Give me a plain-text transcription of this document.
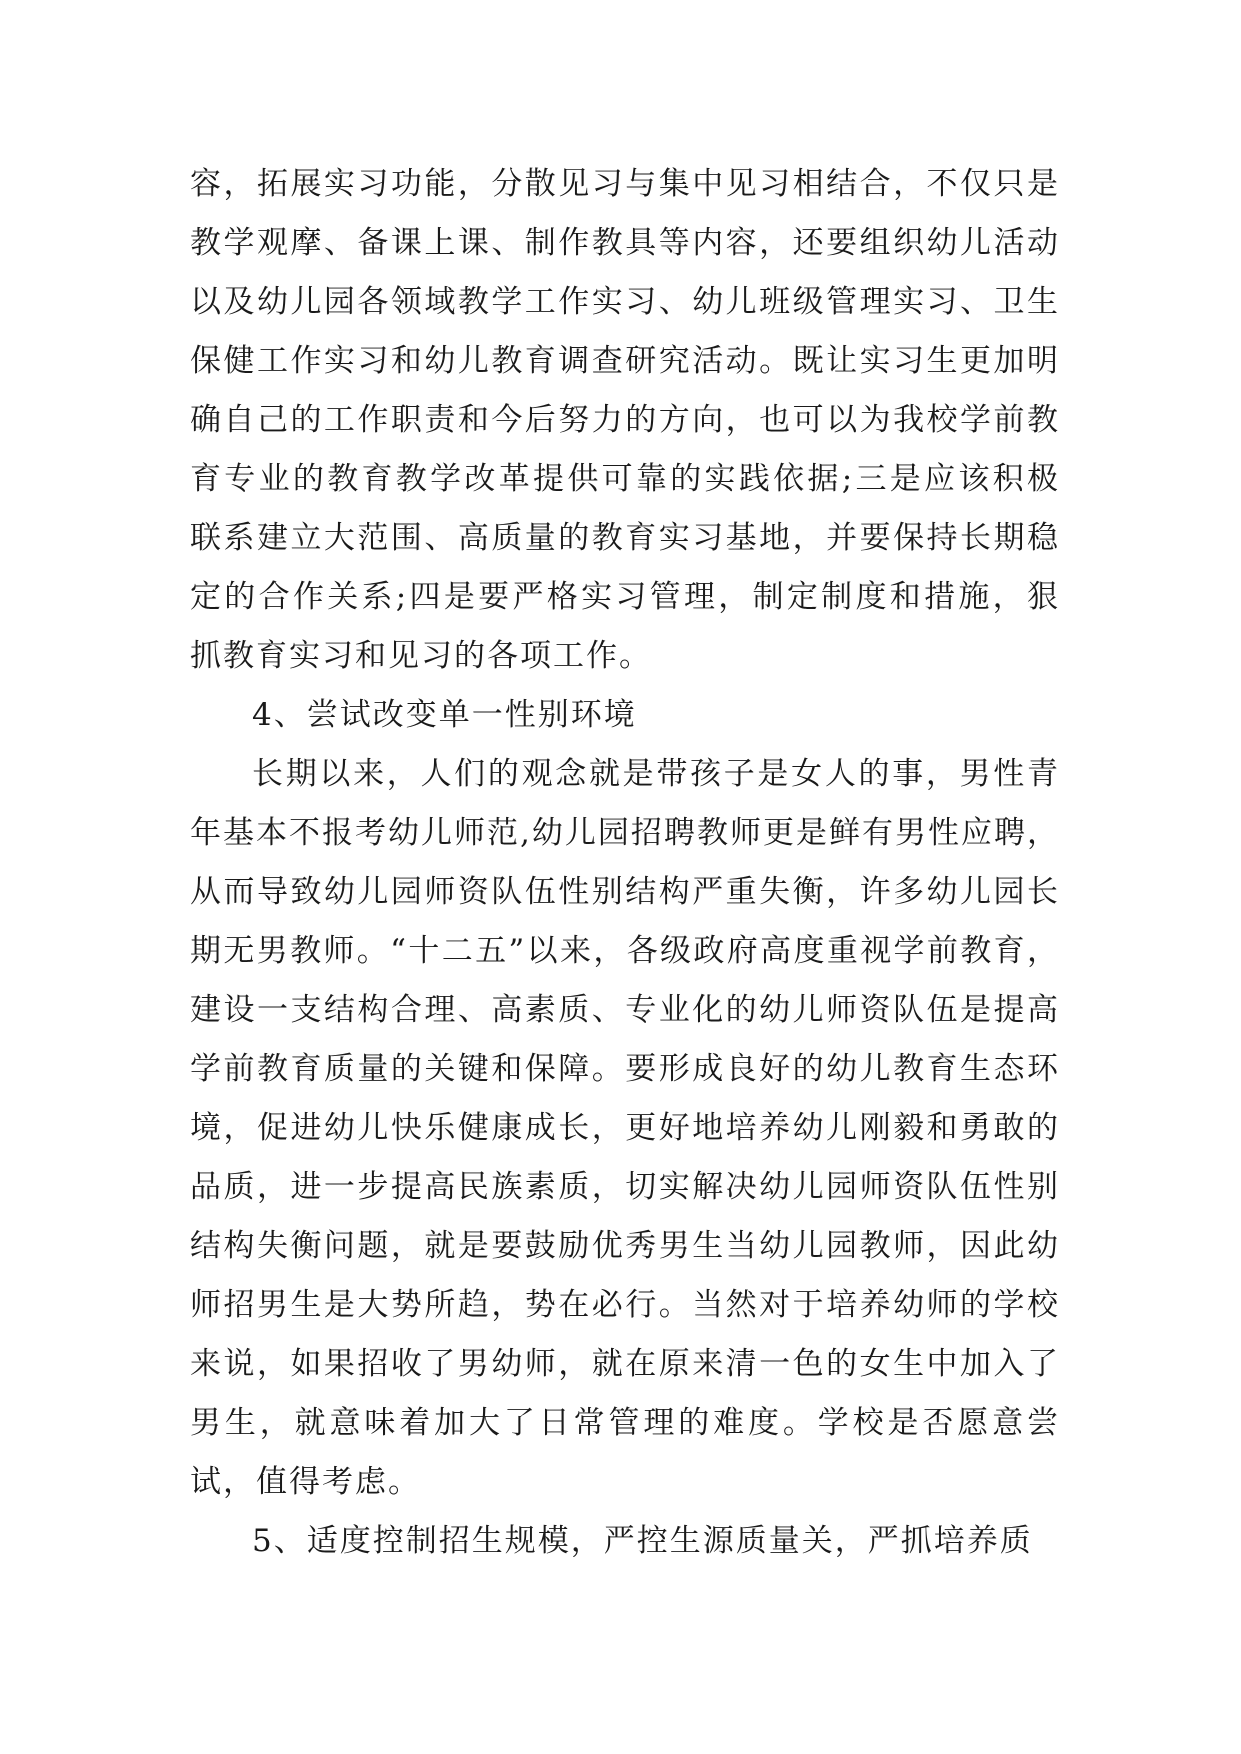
容，拓展实习功能，分散见习与集中见习相结合，不仅只是教学观摩、备课上课、制作教具等内容，还要组织幼儿活动以及幼儿园各领域教学工作实习、幼儿班级管理实习、卫生保健工作实习和幼儿教育调查研究活动。既让实习生更加明确自己的工作职责和今后努力的方向，也可以为我校学前教育专业的教育教学改革提供可靠的实践依据;三是应该积极联系建立大范围、高质量的教育实习基地，并要保持长期稳定的合作关系;四是要严格实习管理，制定制度和措施，狠抓教育实习和见习的各项工作。

4、尝试改变单一性别环境

长期以来，人们的观念就是带孩子是女人的事，男性青年基本不报考幼儿师范,幼儿园招聘教师更是鲜有男性应聘，从而导致幼儿园师资队伍性别结构严重失衡，许多幼儿园长期无男教师。“十二五”以来，各级政府高度重视学前教育，建设一支结构合理、高素质、专业化的幼儿师资队伍是提高学前教育质量的关键和保障。要形成良好的幼儿教育生态环境，促进幼儿快乐健康成长，更好地培养幼儿刚毅和勇敢的品质，进一步提高民族素质，切实解决幼儿园师资队伍性别结构失衡问题，就是要鼓励优秀男生当幼儿园教师，因此幼师招男生是大势所趋，势在必行。当然对于培养幼师的学校来说，如果招收了男幼师，就在原来清一色的女生中加入了男生，就意味着加大了日常管理的难度。学校是否愿意尝试，值得考虑。

5、适度控制招生规模，严控生源质量关，严抓培养质
